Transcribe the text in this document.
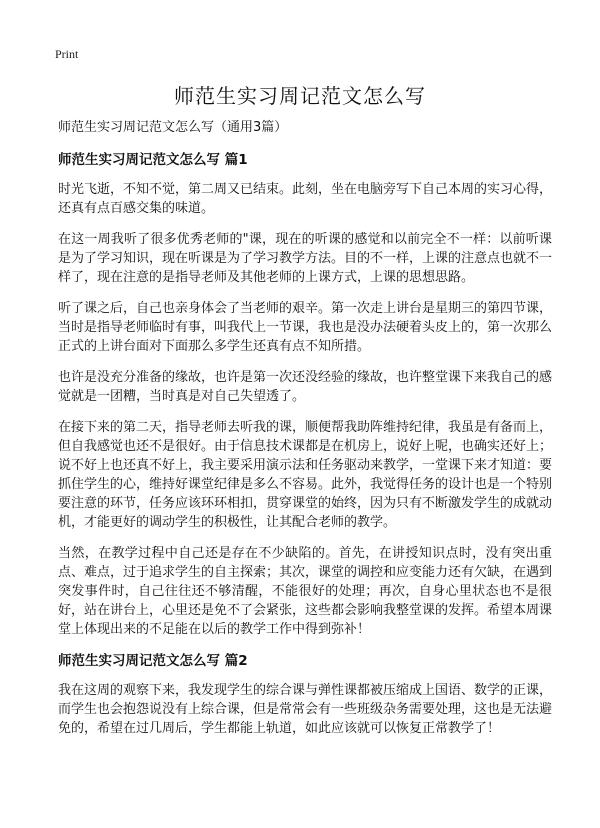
Print
师范生实习周记范文怎么写

师范生实习周记范文怎么写（通用3篇）

师范生实习周记范文怎么写 篇1

时光飞逝，不知不觉，第二周又已结束。此刻，坐在电脑旁写下自己本周的实习心得，还真有点百感交集的味道。

在这一周我听了很多优秀老师的"课，现在的听课的感觉和以前完全不一样：以前听课是为了学习知识，现在听课是为了学习教学方法。目的不一样，上课的注意点也就不一样了，现在注意的是指导老师及其他老师的上课方式，上课的思想思路。

听了课之后，自己也亲身体会了当老师的艰辛。第一次走上讲台是星期三的第四节课，当时是指导老师临时有事，叫我代上一节课，我也是没办法硬着头皮上的，第一次那么正式的上讲台面对下面那么多学生还真有点不知所措。

也许是没充分准备的缘故，也许是第一次还没经验的缘故，也许整堂课下来我自己的感觉就是一团糟，当时真是对自己失望透了。

在接下来的第二天，指导老师去听我的课，顺便帮我助阵维持纪律，我虽是有备而上，但自我感觉也还不是很好。由于信息技术课都是在机房上，说好上呢，也确实还好上；说不好上也还真不好上，我主要采用演示法和任务驱动来教学，一堂课下来才知道：要抓住学生的心，维持好课堂纪律是多么不容易。此外，我觉得任务的设计也是一个特别要注意的环节，任务应该环环相扣，贯穿课堂的始终，因为只有不断激发学生的成就动机，才能更好的调动学生的积极性，让其配合老师的教学。

当然，在教学过程中自己还是存在不少缺陷的。首先，在讲授知识点时，没有突出重点、难点，过于追求学生的自主探索；其次，课堂的调控和应变能力还有欠缺，在遇到突发事件时，自己往往还不够清醒，不能很好的处理；再次，自身心里状态也不是很好，站在讲台上，心里还是免不了会紧张，这些都会影响我整堂课的发挥。希望本周课堂上体现出来的不足能在以后的教学工作中得到弥补！

师范生实习周记范文怎么写 篇2

我在这周的观察下来，我发现学生的综合课与弹性课都被压缩成上国语、数学的正课，而学生也会抱怨说没有上综合课，但是常常会有一些班级杂务需要处理，这也是无法避免的，希望在过几周后，学生都能上轨道，如此应该就可以恢复正常教学了！
